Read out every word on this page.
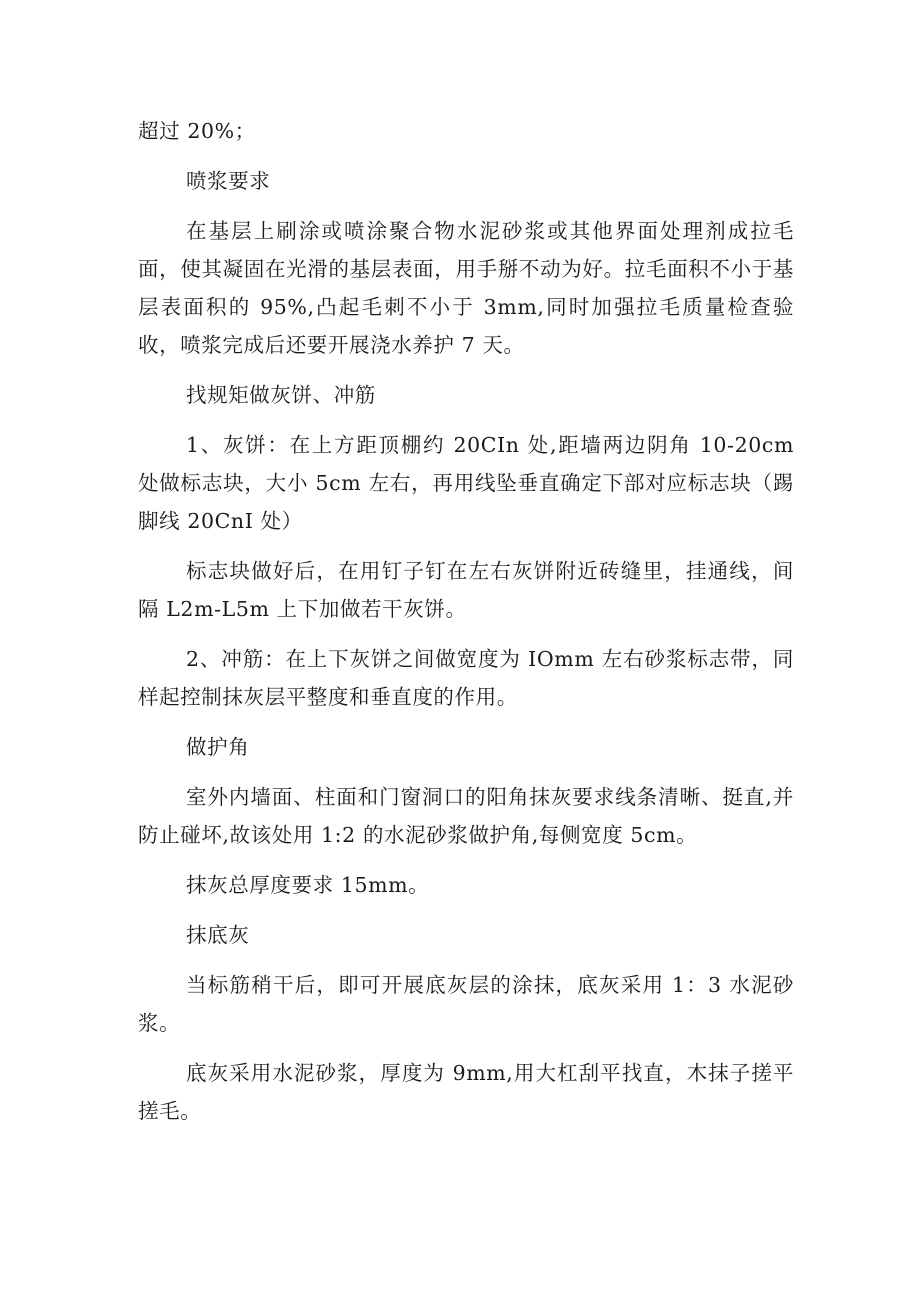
超过 20%；

喷浆要求

在基层上刷涂或喷涂聚合物水泥砂浆或其他界面处理剂成拉毛面，使其凝固在光滑的基层表面，用手掰不动为好。拉毛面积不小于基层表面积的 95%,凸起毛刺不小于 3mm,同时加强拉毛质量检查验收，喷浆完成后还要开展浇水养护 7 天。

找规矩做灰饼、冲筋

1、灰饼：在上方距顶棚约 20CIn 处,距墙两边阴角 10-20cm 处做标志块，大小 5cm 左右，再用线坠垂直确定下部对应标志块（踢脚线 20CnI 处）

标志块做好后，在用钉子钉在左右灰饼附近砖缝里，挂通线，间隔 L2m-L5m 上下加做若干灰饼。

2、冲筋：在上下灰饼之间做宽度为 IOmm 左右砂浆标志带，同样起控制抹灰层平整度和垂直度的作用。

做护角

室外内墙面、柱面和门窗洞口的阳角抹灰要求线条清晰、挺直,并防止碰坏,故该处用 1:2 的水泥砂浆做护角,每侧宽度 5cm。

抹灰总厚度要求 15mm。

抹底灰

当标筋稍干后，即可开展底灰层的涂抹，底灰采用 1：3 水泥砂浆。

底灰采用水泥砂浆，厚度为 9mm,用大杠刮平找直，木抹子搓平搓毛。
